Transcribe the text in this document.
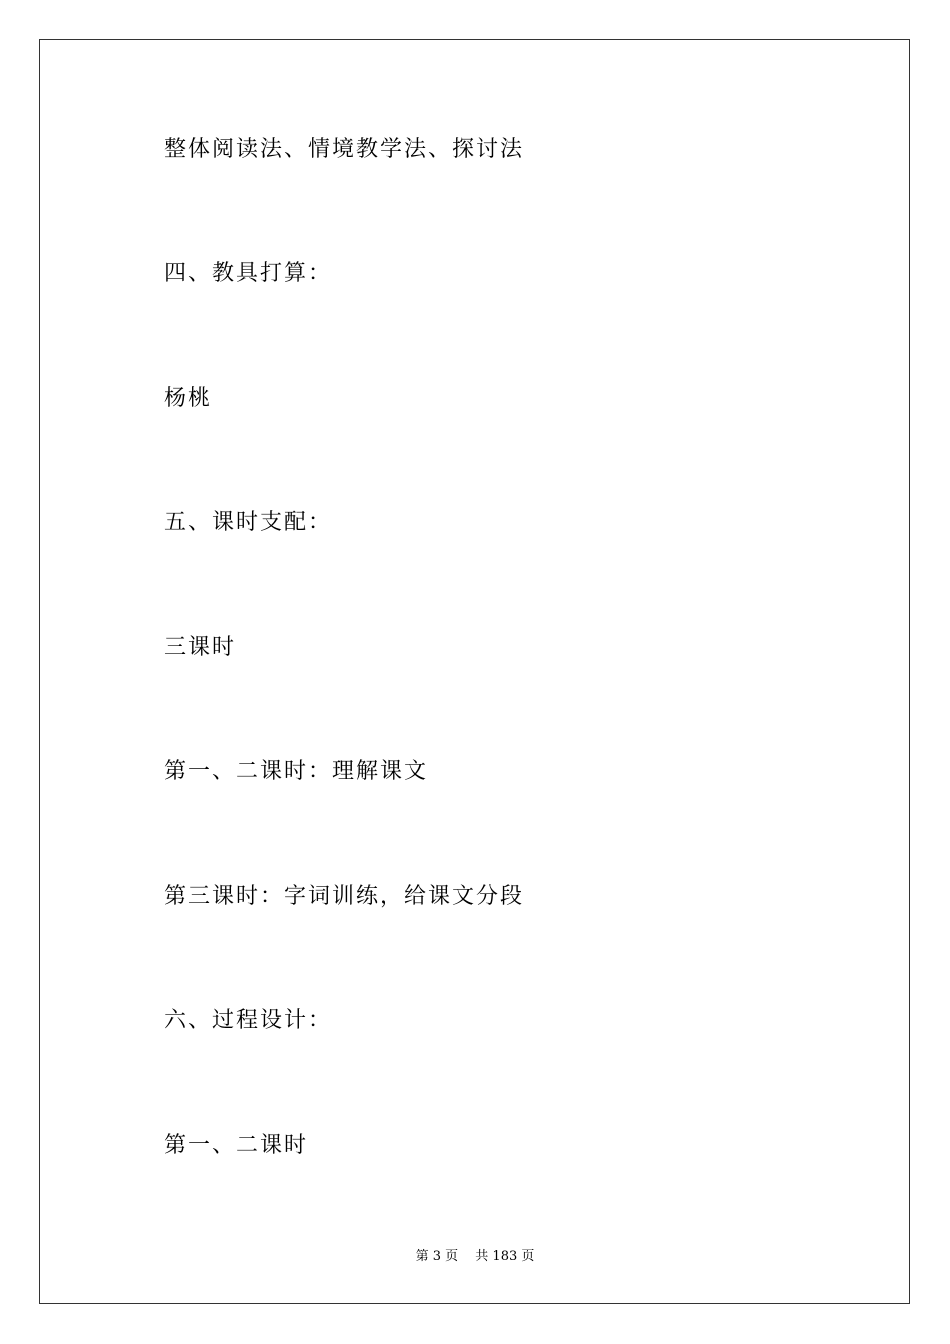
整体阅读法、情境教学法、探讨法
四、教具打算：
杨桃
五、课时支配：
三课时
第一、二课时：理解课文
第三课时：字词训练，给课文分段
六、过程设计：
第一、二课时
第 3 页　 共 183 页
